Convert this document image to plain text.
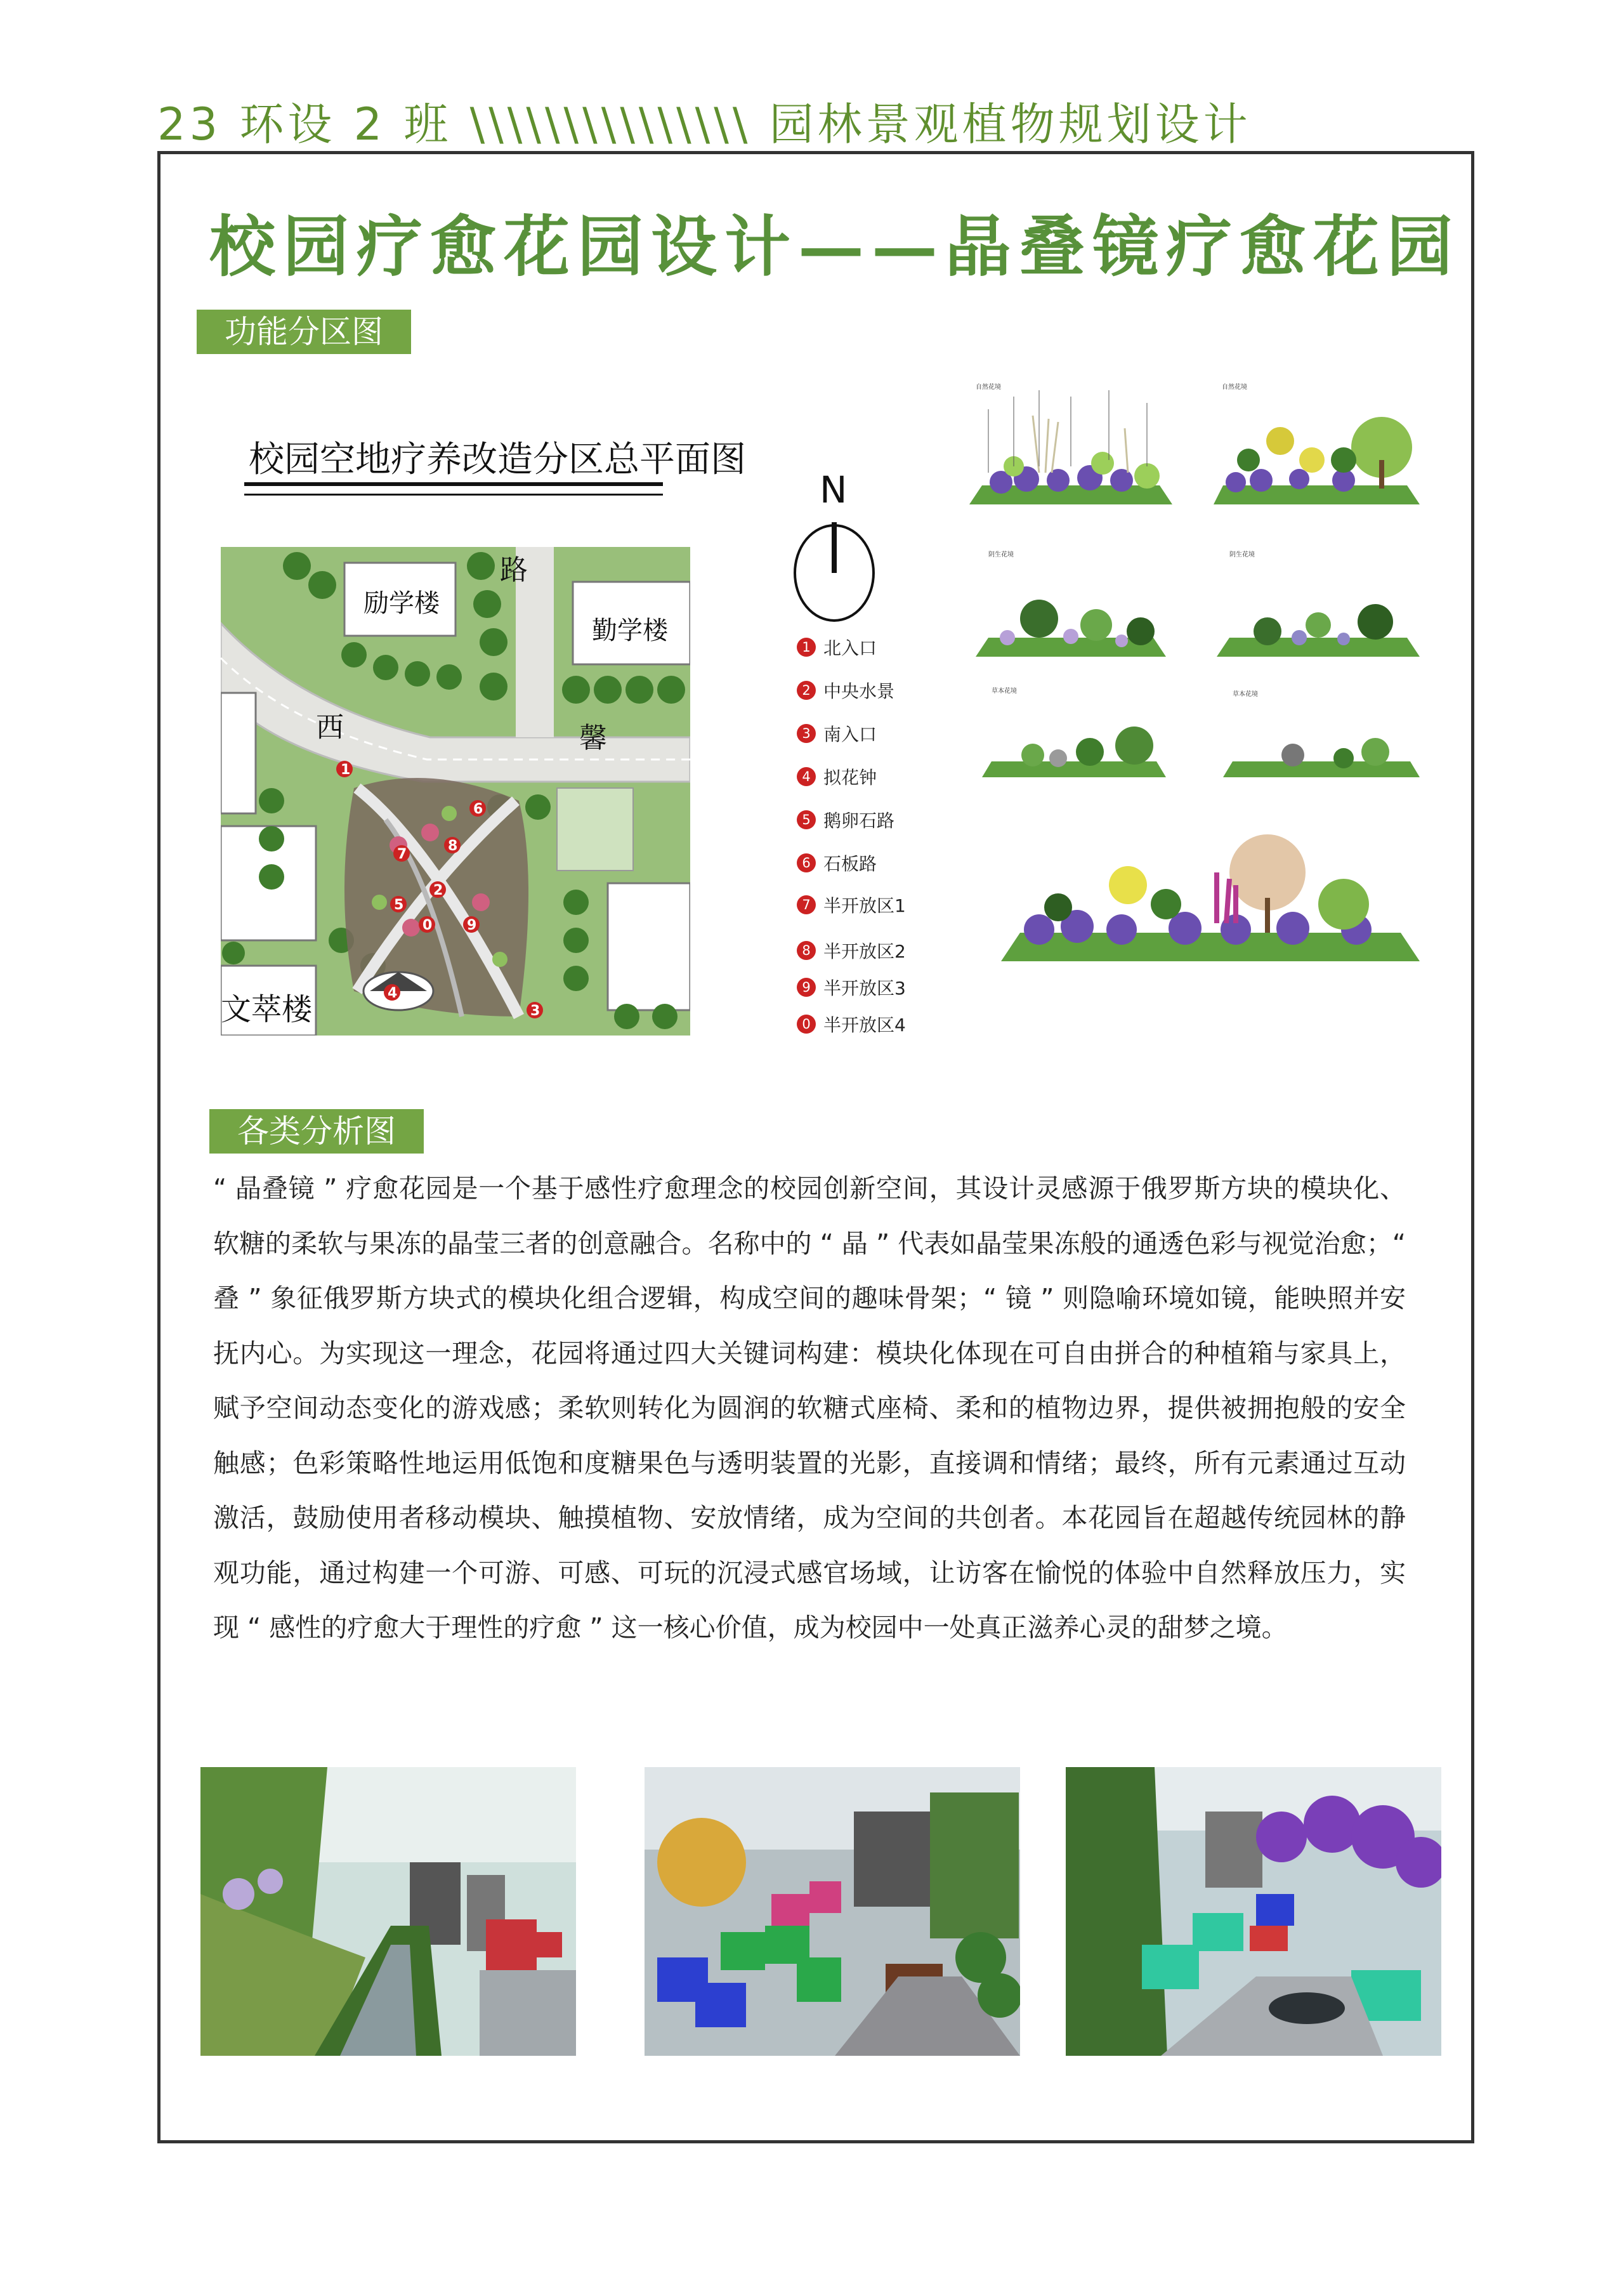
23 环设 2 班 \\\\\\\\\\\\\\\ 园林景观植物规划设计
校园疗愈花园设计——晶叠镜疗愈花园
功能分区图
校园空地疗养改造分区总平面图
1
2
3
4
5
6
7
8
9
0
励学楼
勤学楼
文萃楼
路
西	馨
N
1 北入口
2 中央水景
3 南入口
4 拟花钟
5 鹅卵石路
6 石板路
7 半开放区1
8 半开放区2
9 半开放区3
0 半开放区4
自然花境	自然花境
阴生花境	阴生花境
草本花境	草本花境
各类分析图
“ 晶叠镜 ” 疗愈花园是一个基于感性疗愈理念的校园创新空间，其设计灵感源于俄罗斯方块的模块化、软糖的柔软与果冻的晶莹三者的创意融合。名称中的 “ 晶 ” 代表如晶莹果冻般的通透色彩与视觉治愈；“ 叠 ” 象征俄罗斯方块式的模块化组合逻辑，构成空间的趣味骨架；“ 镜 ” 则隐喻环境如镜，能映照并安抚内心。为实现这一理念，花园将通过四大关键词构建：模块化体现在可自由拼合的种植箱与家具上，赋予空间动态变化的游戏感；柔软则转化为圆润的软糖式座椅、柔和的植物边界，提供被拥抱般的安全触感；色彩策略性地运用低饱和度糖果色与透明装置的光影，直接调和情绪；最终，所有元素通过互动激活，鼓励使用者移动模块、触摸植物、安放情绪，成为空间的共创者。本花园旨在超越传统园林的静观功能，通过构建一个可游、可感、可玩的沉浸式感官场域，让访客在愉悦的体验中自然释放压力，实现 “ 感性的疗愈大于理性的疗愈 ” 这一核心价值，成为校园中一处真正滋养心灵的甜梦之境。
